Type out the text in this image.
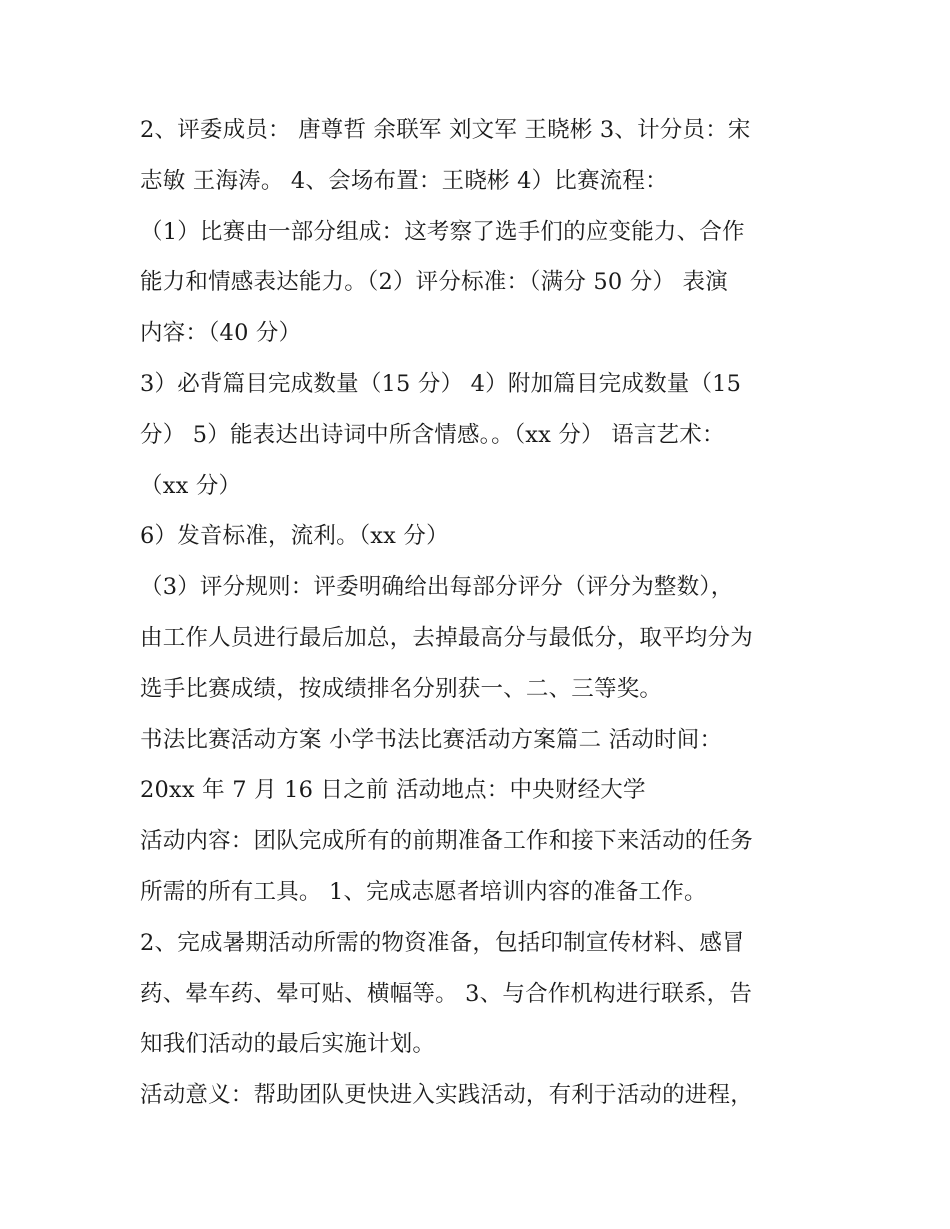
2、评委成员： 唐尊哲 余联军 刘文军 王晓彬 3、计分员：宋
志敏 王海涛。 4、会场布置：王晓彬 4）比赛流程：
（1）比赛由一部分组成：这考察了选手们的应变能力、合作
能力和情感表达能力。（2）评分标准：（满分 50 分） 表演
内容：（40 分）
3）必背篇目完成数量（15 分） 4）附加篇目完成数量（15
分） 5）能表达出诗词中所含情感。。（xx 分） 语言艺术：
（xx 分）
6）发音标准，流利。（xx 分）
（3）评分规则：评委明确给出每部分评分（评分为整数），
由工作人员进行最后加总，去掉最高分与最低分，取平均分为
选手比赛成绩，按成绩排名分别获一、二、三等奖。
书法比赛活动方案 小学书法比赛活动方案篇二 活动时间：
20xx 年 7 月 16 日之前 活动地点：中央财经大学
活动内容：团队完成所有的前期准备工作和接下来活动的任务
所需的所有工具。 1、完成志愿者培训内容的准备工作。
2、完成暑期活动所需的物资准备，包括印制宣传材料、感冒
药、晕车药、晕可贴、横幅等。 3、与合作机构进行联系，告
知我们活动的最后实施计划。
活动意义：帮助团队更快进入实践活动，有利于活动的进程，
